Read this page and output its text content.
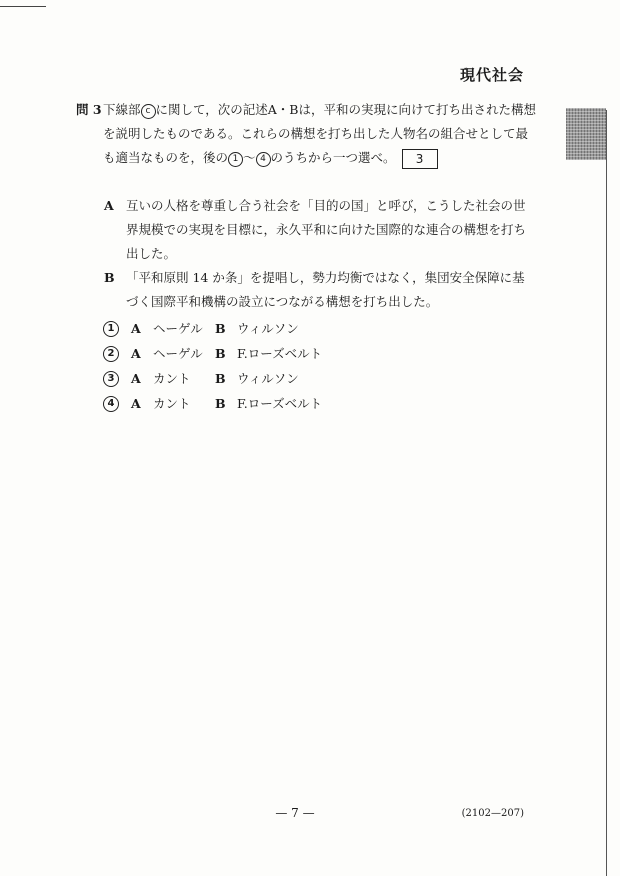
現代社会
問 3 下線部 c に関して，次の記述A・Bは，平和の実現に向けて打ち出された構想を説明したものである。これらの構想を打ち出した人物名の組合せとして最も適当なものを，後の 1 ～ 4 のうちから一つ選べ。 3
A 互いの人格を尊重し合う社会を「目的の国」と呼び，こうした社会の世界規模での実現を目標に，永久平和に向けた国際的な連合の構想を打ち出した。
B 「平和原則 14 か条」を提唱し，勢力均衡ではなく，集団安全保障に基づく国際平和機構の設立につながる構想を打ち出した。
1	A ヘーゲル B ウィルソン
2	A ヘーゲル B F.ローズベルト
3	A カント	B ウィルソン
4	A カント	B F.ローズベルト
— 7 —	(2102—207)
